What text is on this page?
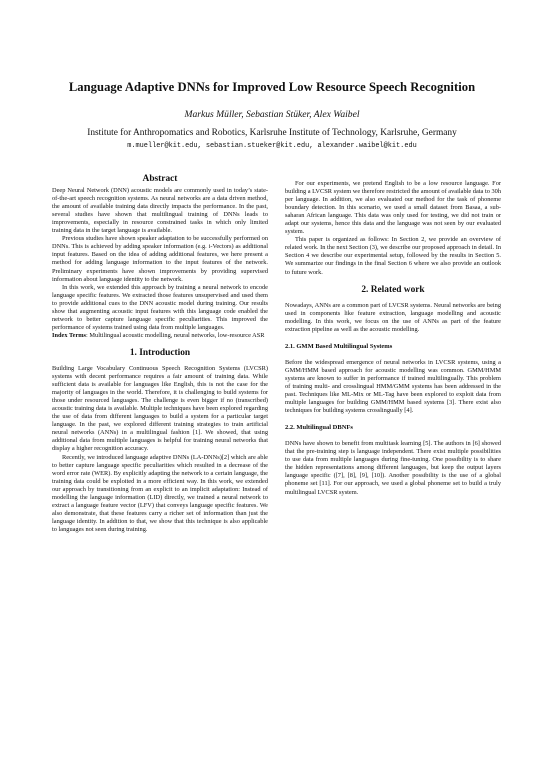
Language Adaptive DNNs for Improved Low Resource Speech Recognition
Markus Müller, Sebastian Stüker, Alex Waibel
Institute for Anthropomatics and Robotics, Karlsruhe Institute of Technology, Karlsruhe, Germany
m.mueller@kit.edu, sebastian.stueker@kit.edu, alexander.waibel@kit.edu
Abstract

Deep Neural Network (DNN) acoustic models are commonly used in today’s state-of-the-art speech recognition systems. As neural networks are a data driven method, the amount of available training data directly impacts the performance. In the past, several studies have shown that multilingual training of DNNs leads to improvements, especially in resource constrained tasks in which only limited training data in the target language is available.

Previous studies have shown speaker adaptation to be successfully performed on DNNs. This is achieved by adding speaker information (e.g. i-Vectors) as additional input features. Based on the idea of adding additional features, we here present a method for adding language information to the input features of the network. Preliminary experiments have shown improvements by providing supervised information about language identity to the network.

In this work, we extended this approach by training a neural network to encode language specific features. We extracted those features unsupervised and used them to provide additional cues to the DNN acoustic model during training. Our results show that augmenting acoustic input features with this language code enabled the network to better capture language specific peculiarities. This improved the performance of systems trained using data from multiple languages.

Index Terms: Multilingual acoustic modelling, neural networks, low-resource ASR

1. Introduction

Building Large Vocabulary Continuous Speech Recognition Systems (LVCSR) systems with decent performance requires a fair amount of training data. While sufficient data is available for languages like English, this is not the case for the majority of languages in the world. Therefore, it is challenging to build systems for those under resourced languages. The challenge is even bigger if no (transcribed) acoustic training data is available. Multiple techniques have been explored regarding the use of data from different languages to build a system for a particular target language. In the past, we explored different training strategies to train artificial neural networks (ANNs) in a multilingual fashion [1]. We showed, that using additional data from multiple languages is helpful for training neural networks that display a higher recognition accuracy.

Recently, we introduced language adaptive DNNs (LA-DNNs)[2] which are able to better capture language specific peculiarities which resulted in a decrease of the word error rate (WER). By explicitly adapting the network to a certain language, the training data could be exploited in a more efficient way. In this work, we extended our approach by transitioning from an explicit to an implicit adaptation: Instead of modelling the language information (LID) directly, we trained a neural network to extract a language feature vector (LFV) that conveys language specific features. We also demonstrate, that these features carry a richer set of information than just the language identity. In addition to that, we show that this technique is also applicable to languages not seen during training.

For our experiments, we pretend English to be a low resource language. For building a LVCSR system we therefore restricted the amount of available data to 30h per language. In addition, we also evaluated our method for the task of phoneme boundary detection. In this scenario, we used a small dataset from Basaa, a sub-saharan African language. This data was only used for testing, we did not train or adapt our systems, hence this data and the language was not seen by our evaluated system.

This paper is organized as follows: In Section 2, we provide an overview of related work. In the next Section (3), we describe our proposed approach in detail. In Section 4 we describe our experimental setup, followed by the results in Section 5. We summarize our findings in the final Section 6 where we also provide an outlook to future work.

2. Related work

Nowadays, ANNs are a common part of LVCSR systems. Neural networks are being used in components like feature extraction, language modelling and acoustic modelling. In this work, we focus on the use of ANNs as part of the feature extraction pipeline as well as the acoustic modelling.

2.1. GMM Based Multilingual Systems

Before the widespread emergence of neural networks in LVCSR systems, using a GMM/HMM based approach for acoustic modelling was common. GMM/HMM systems are known to suffer in performance if trained multilingually. This problem of training multi- and crosslingual HMM/GMM systems has been addressed in the past. Techniques like ML-Mix or ML-Tag have been explored to exploit data from multiple languages for building GMM/HMM based systems [3]. There exist also techniques for building systems crosslingually [4].

2.2. Multilingual DBNFs

DNNs have shown to benefit from multitask learning [5]. The authors in [6] showed that the pre-training step is language independent. There exist multiple possibilities to use data from multiple languages during fine-tuning. One possibility is to share the hidden representations among different languages, but keep the output layers language specific ([7], [8], [9], [10]). Another possibility is the use of a global phoneme set [11]. For our approach, we used a global phoneme set to build a truly multilingual LVCSR system.
